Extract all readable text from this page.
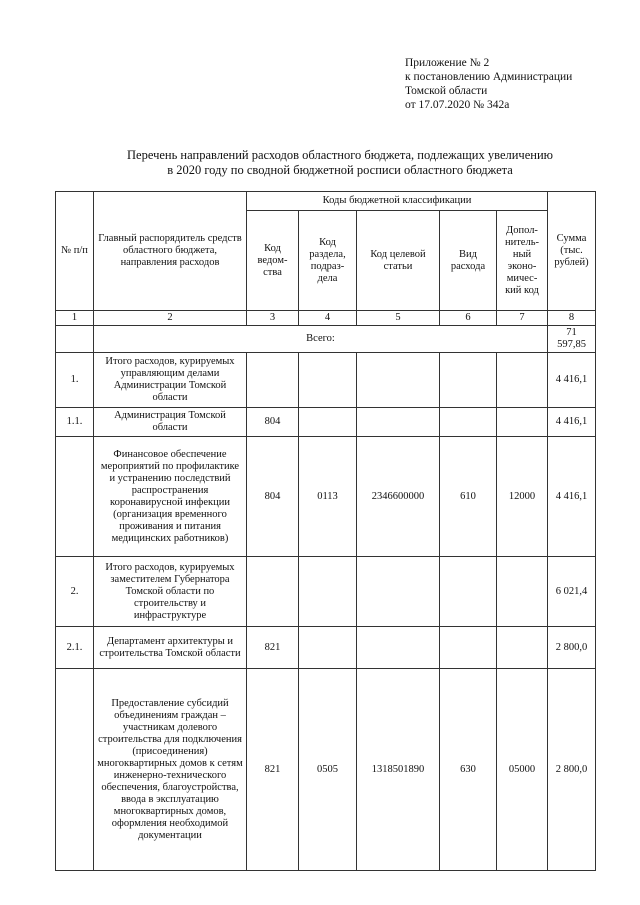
Приложение № 2
к постановлению Администрации
Томской области
от 17.07.2020 № 342а
Перечень направлений расходов областного бюджета, подлежащих увеличению
в 2020 году по сводной бюджетной росписи областного бюджета
№ п/п	Главный распорядитель средств областного бюджета, направления расходов	Коды бюджетной классификации					Сумма (тыс. рублей)
		Код ведом-ства	Код раздела, подраз-дела	Код целевой статьи	Вид расхода	Допол-нитель-ный эконо-мичес-кий код	
1	2	3	4	5	6	7	8
	Всего:						71 597,85
1.	Итого расходов, курируемых управляющим делами Администрации Томской области						4 416,1
1.1.	Администрация Томской области	804					4 416,1
	Финансовое обеспечение мероприятий по профилактике и устранению последствий распространения коронавирусной инфекции (организация временного проживания и питания медицинских работников)	804	0113	2346600000	610	12000	4 416,1
2.	Итого расходов, курируемых заместителем Губернатора Томской области по строительству и инфраструктуре						6 021,4
2.1.	Департамент архитектуры и строительства Томской области	821					2 800,0
	Предоставление субсидий объединениям граждан – участникам долевого строительства для подключения (присоединения) многоквартирных домов к сетям инженерно-технического обеспечения, благоустройства, ввода в эксплуатацию многоквартирных домов, оформления необходимой документации	821	0505	1318501890	630	05000	2 800,0
